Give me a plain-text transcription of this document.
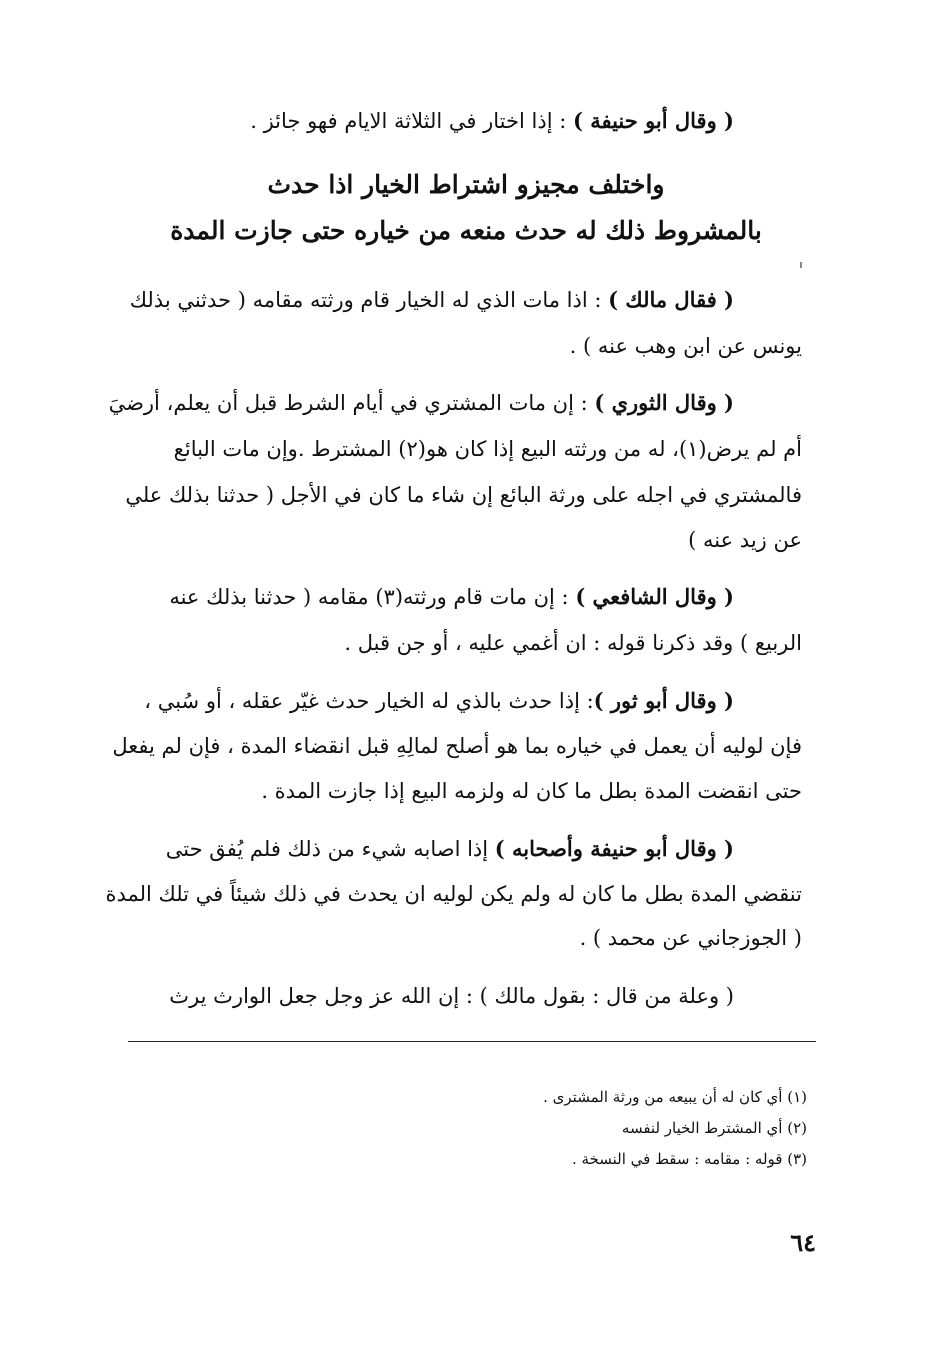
( وقال أبو حنيفة ) : إذا اختار في الثلاثة الايام فهو جائز .
واختلف مجيزو اشتراط الخيار اذا حدث
بالمشروط ذلك له حدث منعه من خياره حتى جازت المدة
( فقال مالك ) : اذا مات الذي له الخيار قام ورثته مقامه ( حدثني بذلك
يونس عن ابن وهب عنه ) .
( وقال الثوري ) : إن مات المشتري في أيام الشرط قبل أن يعلم، أرضيَ
أم لم يرض(١)، له من ورثته البيع إذا كان هو(٢) المشترط .وإن مات البائع
فالمشتري في اجله على ورثة البائع إن شاء ما كان في الأجل ( حدثنا بذلك علي
عن زيد عنه )
( وقال الشافعي ) : إن مات قام ورثته(٣) مقامه ( حدثنا بذلك عنه
الربيع ) وقد ذكرنا قوله : ان أغمي عليه ، أو جن قبل .
( وقال أبو ثور ): إذا حدث بالذي له الخيار حدث غيّر عقله ، أو سُبي ،
فإن لوليه أن يعمل في خياره بما هو أصلح لمالِهِ قبل انقضاء المدة ، فإن لم يفعل
حتى انقضت المدة بطل ما كان له ولزمه البيع إذا جازت المدة .
( وقال أبو حنيفة وأصحابه ) إذا اصابه شيء من ذلك فلم يُفق حتى
تنقضي المدة بطل ما كان له ولم يكن لوليه ان يحدث في ذلك شيئاً في تلك المدة
( الجوزجاني عن محمد ) .
( وعلة من قال : بقول مالك ) : إن الله عز وجل جعل الوارث يرث
(١) أي كان له أن يبيعه من ورثة المشترى .
(٢) أي المشترط الخيار لنفسه
(٣) قوله : مقامه : سقط في النسخة .
٦٤
